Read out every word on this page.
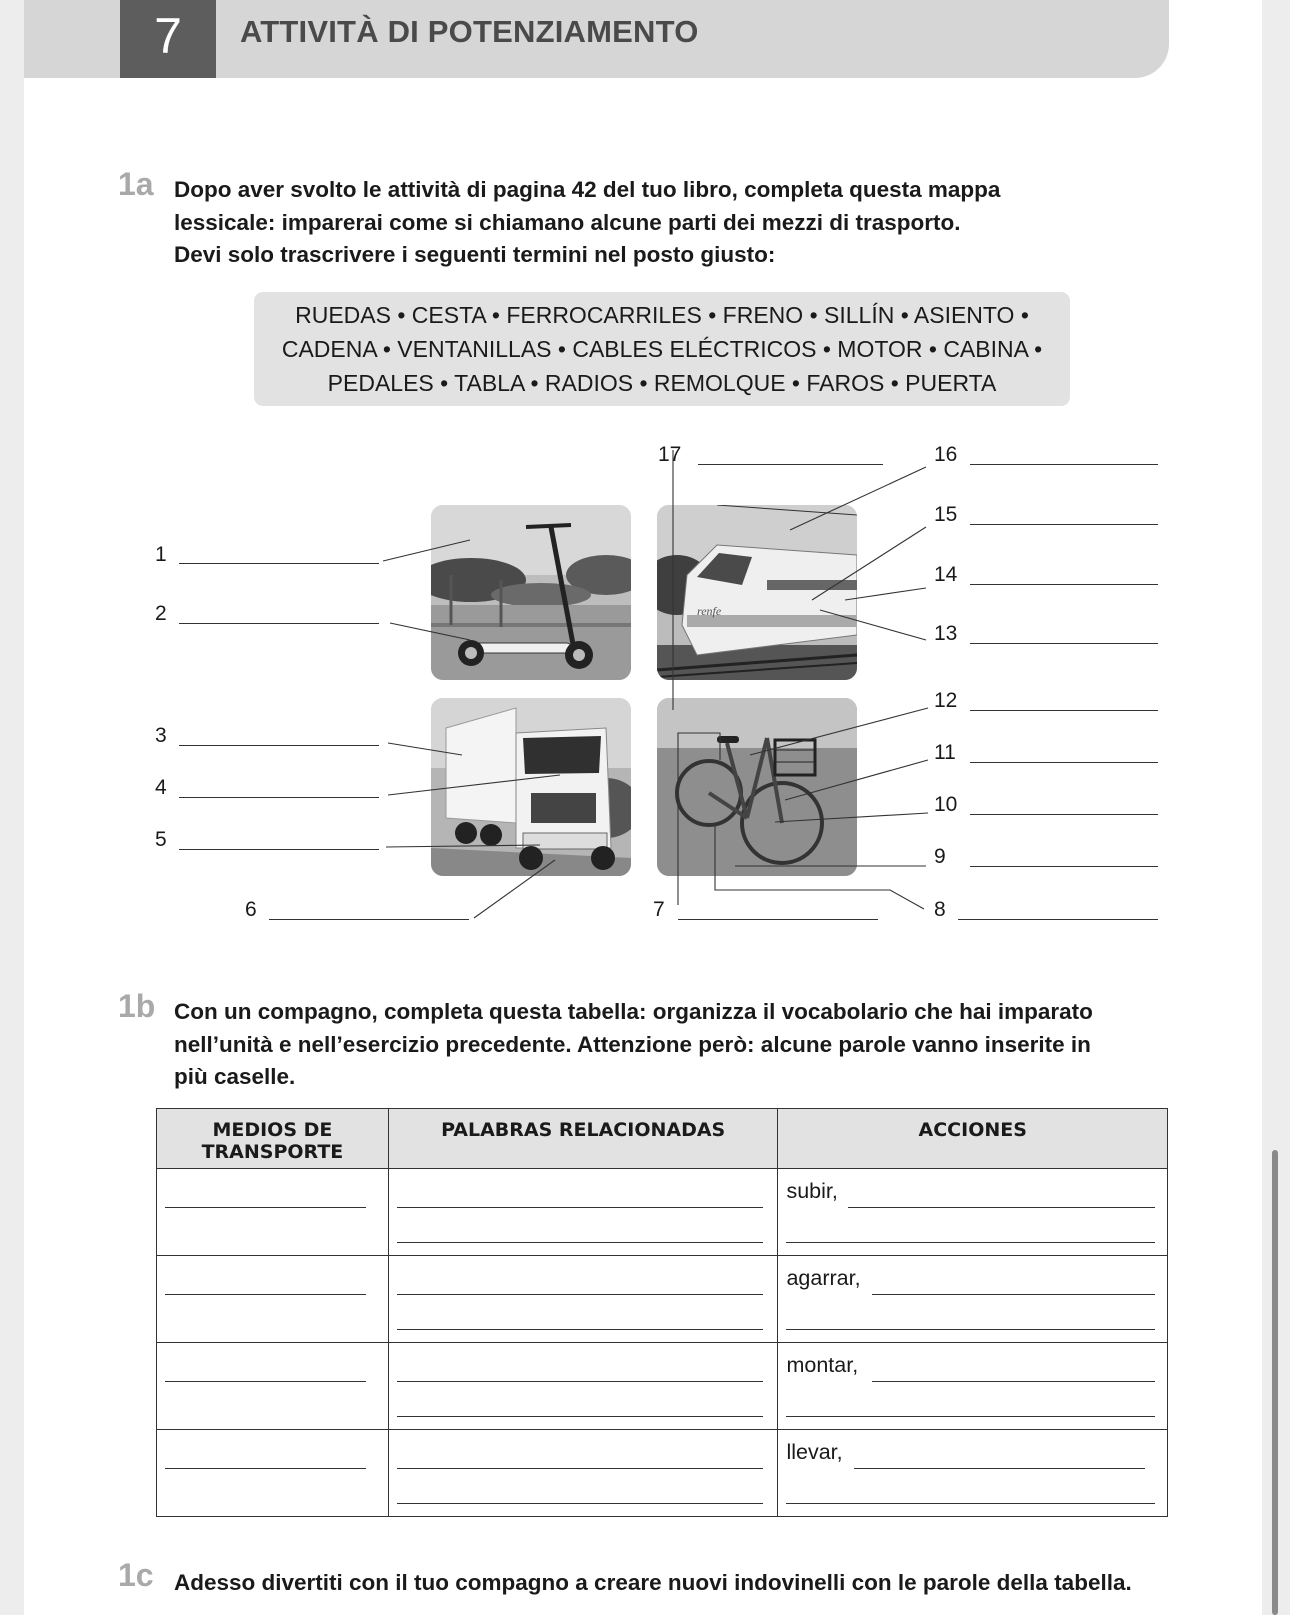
7	ATTIVITÀ DI POTENZIAMENTO
1a Dopo aver svolto le attività di pagina 42 del tuo libro, completa questa mappa

lessicale: imparerai come si chiamano alcune parti dei mezzi di trasporto.

Devi solo trascrivere i seguenti termini nel posto giusto:

RUEDAS • CESTA • FERROCARRILES • FRENO • SILLÍN • ASIENTO •
CADENA • VENTANILLAS • CABLES ELÉCTRICOS • MOTOR • CABINA •
PEDALES • TABLA • RADIOS • REMOLQUE • FAROS • PUERTA
renfe
1
2
3
4
5
6	7	8
9
10
11
12
13
14
15
16
17
1b Con un compagno, completa questa tabella: organizza il vocabolario che hai imparato

nell’unità e nell’esercizio precedente. Attenzione però: alcune parole vanno inserite in

più caselle.

MEDIOS DE
TRANSPORTE	PALABRAS RELACIONADAS	ACCIONES

		subir,

		agarrar,

		montar,

		llevar,
1c Adesso divertiti con il tuo compagno a creare nuovi indovinelli con le parole della tabella.
